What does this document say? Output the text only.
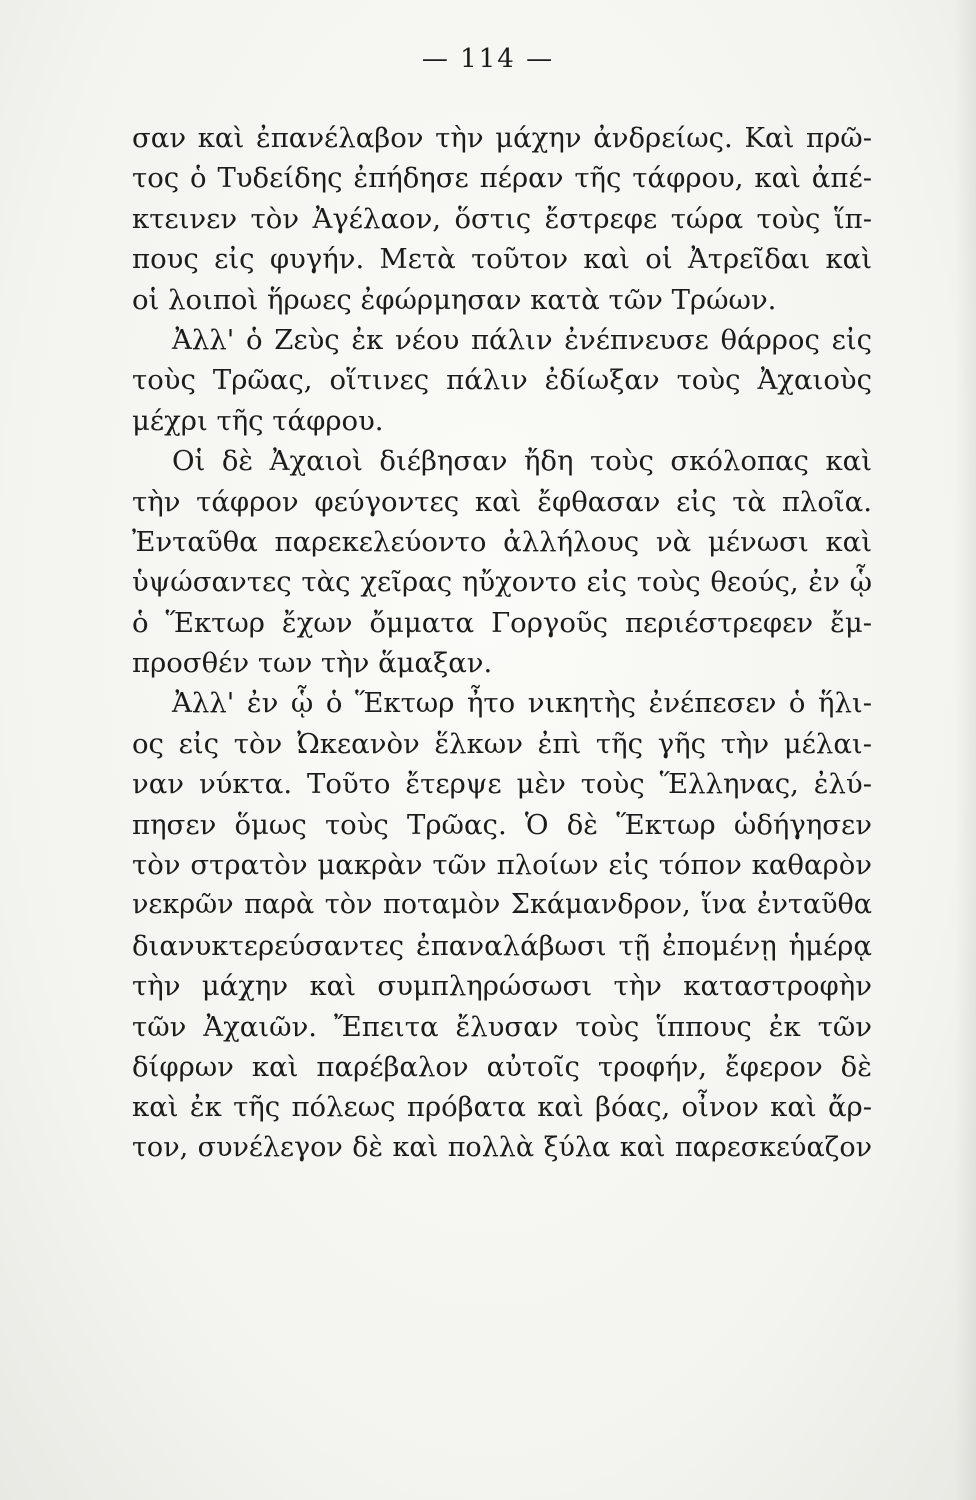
— 114 —
σαν καὶ ἐπανέλαβον τὴν μάχην ἀνδρείως. Καὶ πρῶ-
τος ὁ Τυδείδης ἐπήδησε πέραν τῆς τάφρου, καὶ ἀπέ-
κτεινεν τὸν Ἀγέλαον, ὅστις ἔστρεφε τώρα τοὺς ἵπ-
πους εἰς φυγήν. Μετὰ τοῦτον καὶ οἱ Ἀτρεῖδαι καὶ
οἱ λοιποὶ ἥρωες ἐφώρμησαν κατὰ τῶν Τρώων.
Ἀλλ' ὁ Ζεὺς ἐκ νέου πάλιν ἐνέπνευσε θάρρος εἰς
τοὺς Τρῶας, οἵτινες πάλιν ἐδίωξαν τοὺς Ἀχαιοὺς
μέχρι τῆς τάφρου.
Οἱ δὲ Ἀχαιοὶ διέβησαν ἤδη τοὺς σκόλοπας καὶ
τὴν τάφρον φεύγοντες καὶ ἔφθασαν εἰς τὰ πλοῖα.
Ἐνταῦθα παρεκελεύοντο ἀλλήλους νὰ μένωσι καὶ
ὑψώσαντες τὰς χεῖρας ηὔχοντο εἰς τοὺς θεούς, ἐν ᾧ
ὁ Ἕκτωρ ἔχων ὄμματα Γοργοῦς περιέστρεφεν ἔμ-
προσθέν των τὴν ἅμαξαν.
Ἀλλ' ἐν ᾧ ὁ Ἕκτωρ ἦτο νικητὴς ἐνέπεσεν ὁ ἥλι-
ος εἰς τὸν Ὠκεανὸν ἕλκων ἐπὶ τῆς γῆς τὴν μέλαι-
ναν νύκτα. Τοῦτο ἔτερψε μὲν τοὺς Ἕλληνας, ἐλύ-
πησεν ὅμως τοὺς Τρῶας. Ὁ δὲ Ἕκτωρ ὡδήγησεν
τὸν στρατὸν μακρὰν τῶν πλοίων εἰς τόπον καθαρὸν
νεκρῶν παρὰ τὸν ποταμὸν Σκάμανδρον, ἵνα ἐνταῦθα
διανυκτερεύσαντες ἐπαναλάβωσι τῇ ἐπομένῃ ἡμέρᾳ
τὴν μάχην καὶ συμπληρώσωσι τὴν καταστροφὴν
τῶν Ἀχαιῶν. Ἔπειτα ἔλυσαν τοὺς ἵππους ἐκ τῶν
δίφρων καὶ παρέβαλον αὐτοῖς τροφήν, ἔφερον δὲ
καὶ ἐκ τῆς πόλεως πρόβατα καὶ βόας, οἶνον καὶ ἄρ-
τον, συνέλεγον δὲ καὶ πολλὰ ξύλα καὶ παρεσκεύαζον
